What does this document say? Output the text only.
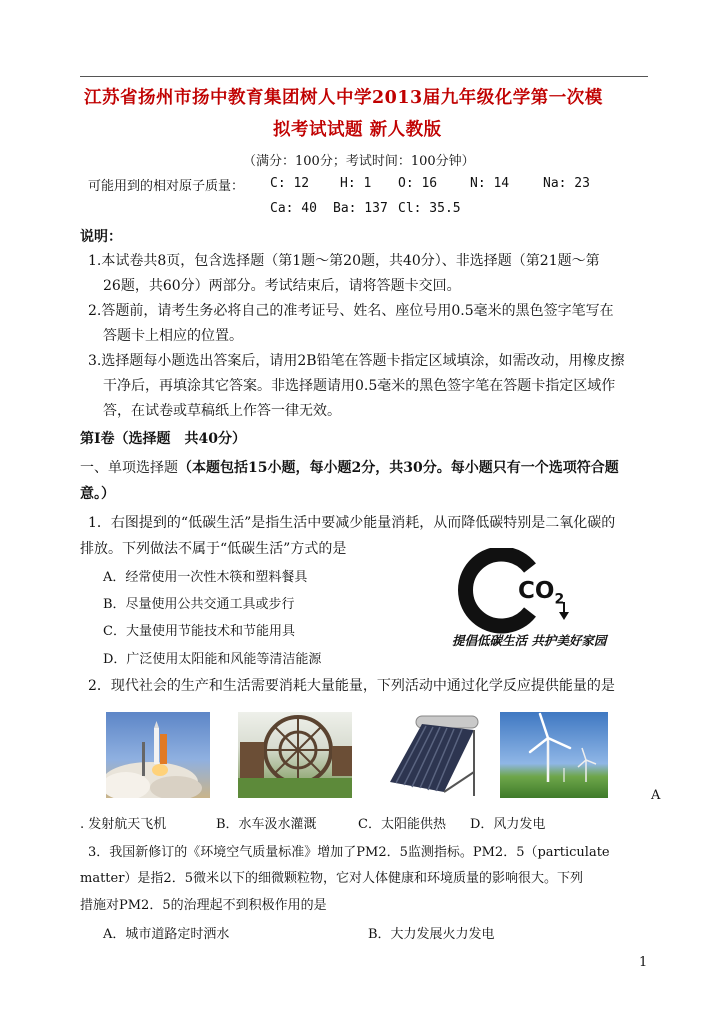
江苏省扬州市扬中教育集团树人中学2013届九年级化学第一次模
拟考试试题 新人教版
（满分：100分；考试时间：100分钟）
可能用到的相对原子质量： C: 12 H: 1 O: 16	N: 14	Na: 23
Ca: 40 Ba: 137 Cl: 35.5
说明：
1.本试卷共8页，包含选择题（第1题～第20题，共40分）、非选择题（第21题～第
26题，共60分）两部分。考试结束后，请将答题卡交回。
2.答题前，请考生务必将自己的准考证号、姓名、座位号用0.5毫米的黑色签字笔写在
答题卡上相应的位置。
3.选择题每小题选出答案后，请用2B铅笔在答题卡指定区域填涂，如需改动，用橡皮擦
干净后，再填涂其它答案。非选择题请用0.5毫米的黑色签字笔在答题卡指定区域作
答，在试卷或草稿纸上作答一律无效。
第Ⅰ卷（选择题　共40分）
一、单项选择题（本题包括15小题，每小题2分，共30分。每小题只有一个选项符合题
意。）
1．右图提到的“低碳生活”是指生活中要减少能量消耗，从而降低碳特别是二氧化碳的
排放。下列做法不属于“低碳生活”方式的是
A．经常使用一次性木筷和塑料餐具
B．尽量使用公共交通工具或步行
C．大量使用节能技术和节能用具
D．广泛使用太阳能和风能等清洁能源
$CO_2$
提倡低碳生活 共护美好家园
2．现代社会的生产和生活需要消耗大量能量，下列活动中通过化学反应提供能量的是
A
. 发射航天飞机	B．水车汲水灌溉	C．太阳能供热 D．风力发电
3．我国新修订的《环境空气质量标准》增加了PM2．5监测指标。PM2．5（particulate
matter）是指2．5微米以下的细微颗粒物，它对人体健康和环境质量的影响很大。下列
措施对PM2．5的治理起不到积极作用的是
A．城市道路定时洒水	B．大力发展火力发电
1
